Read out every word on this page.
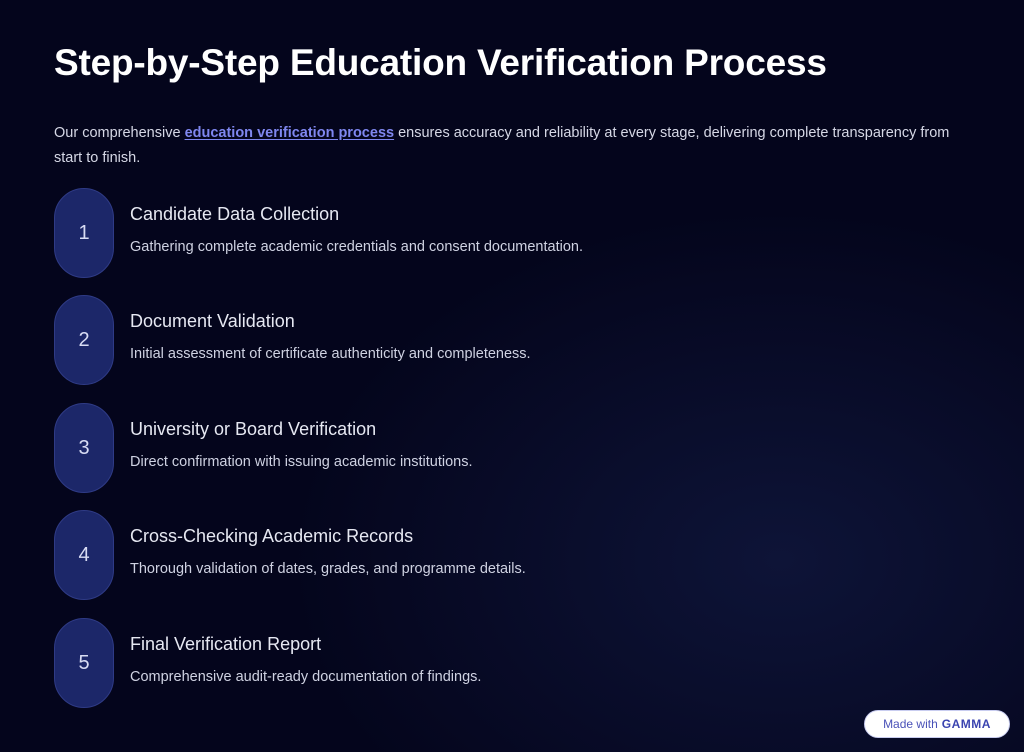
Step-by-Step Education Verification Process

Our comprehensive education verification process ensures accuracy and reliability at every stage, delivering complete transparency from start to finish.

1
Candidate Data Collection
Gathering complete academic credentials and consent documentation.
2
Document Validation
Initial assessment of certificate authenticity and completeness.
3
University or Board Verification
Direct confirmation with issuing academic institutions.
4
Cross-Checking Academic Records
Thorough validation of dates, grades, and programme details.
5
Final Verification Report
Comprehensive audit-ready documentation of findings.
Made with GAMMA
